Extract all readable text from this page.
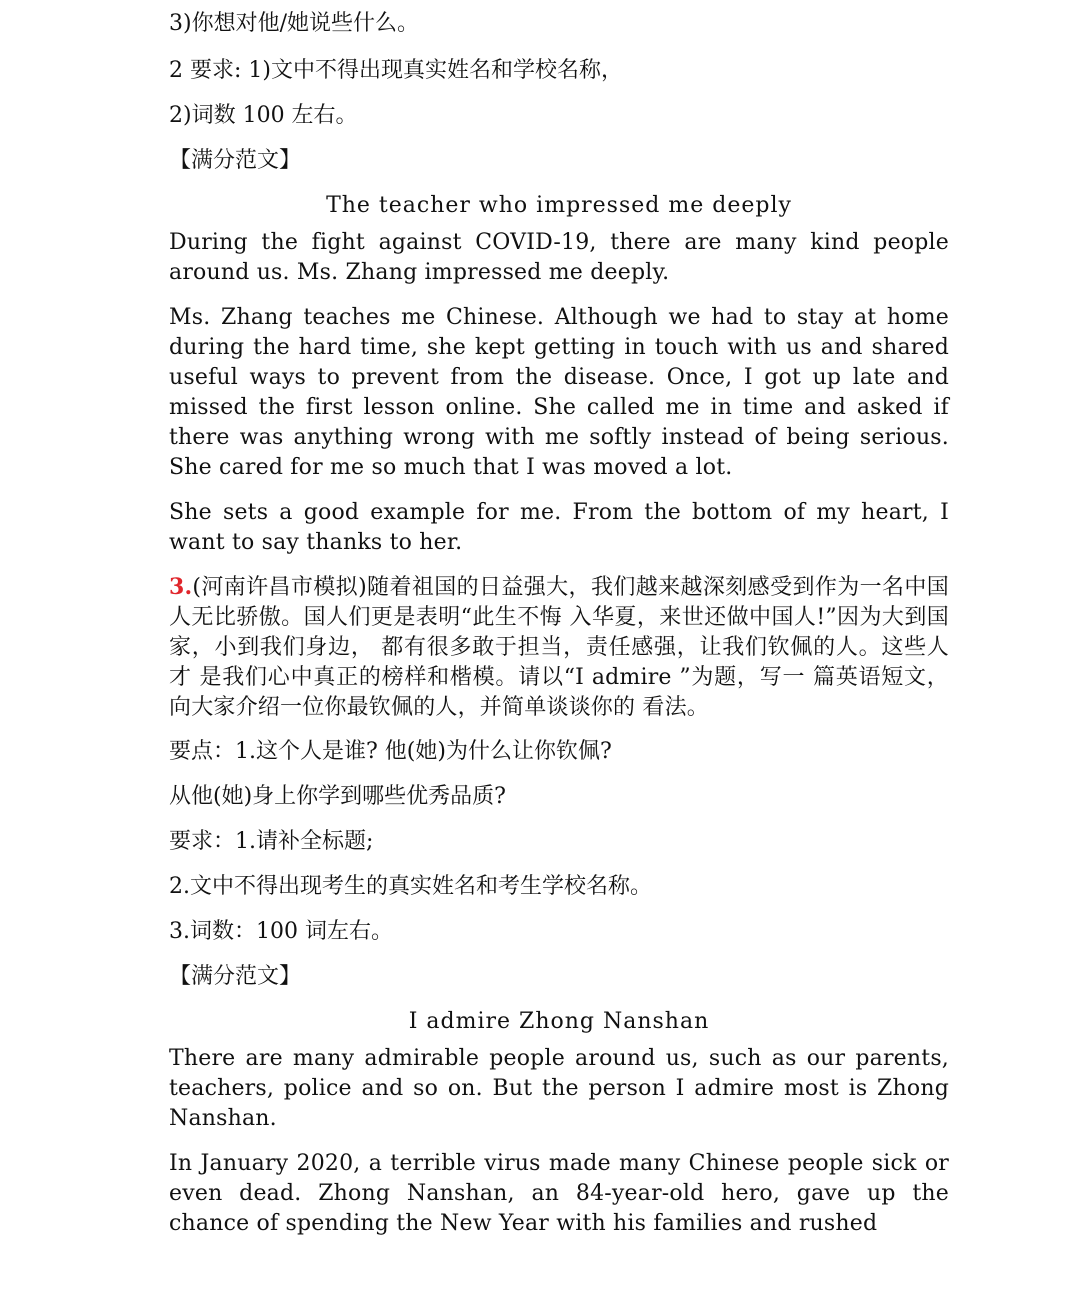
3)你想对他/她说些什么。

2 要求: 1)文中不得出现真实姓名和学校名称，

2)词数 100 左右。

【满分范文】

The teacher who impressed me deeply

During the fight against COVID-19, there are many kind people around us. Ms. Zhang impressed me deeply.

Ms. Zhang teaches me Chinese. Although we had to stay at home during the hard time, she kept getting in touch with us and shared useful ways to prevent from the disease. Once, I got up late and missed the first lesson online. She called me in time and asked if there was anything wrong with me softly instead of being serious. She cared for me so much that I was moved a lot.

She sets a good example for me. From the bottom of my heart, I want to say thanks to her.

3.(河南许昌市模拟)随着祖国的日益强大，我们越来越深刻感受到作为一名中国人无比骄傲。国人们更是表明“此生不悔 入华夏，来世还做中国人!”因为大到国家，小到我们身边， 都有很多敢于担当，责任感强，让我们钦佩的人。这些人才 是我们心中真正的榜样和楷模。请以“I admire ”为题，写一 篇英语短文，向大家介绍一位你最钦佩的人，并简单谈谈你的 看法。

要点：1.这个人是谁? 他(她)为什么让你钦佩?

从他(她)身上你学到哪些优秀品质?

要求：1.请补全标题;

2.文中不得出现考生的真实姓名和考生学校名称。

3.词数：100 词左右。

【满分范文】

I admire Zhong Nanshan

There are many admirable people around us, such as our parents, teachers, police and so on. But the person I admire most is Zhong Nanshan.

In January 2020, a terrible virus made many Chinese people sick or even dead. Zhong Nanshan, an 84-year-old hero, gave up the chance of spending the New Year with his families and rushed
